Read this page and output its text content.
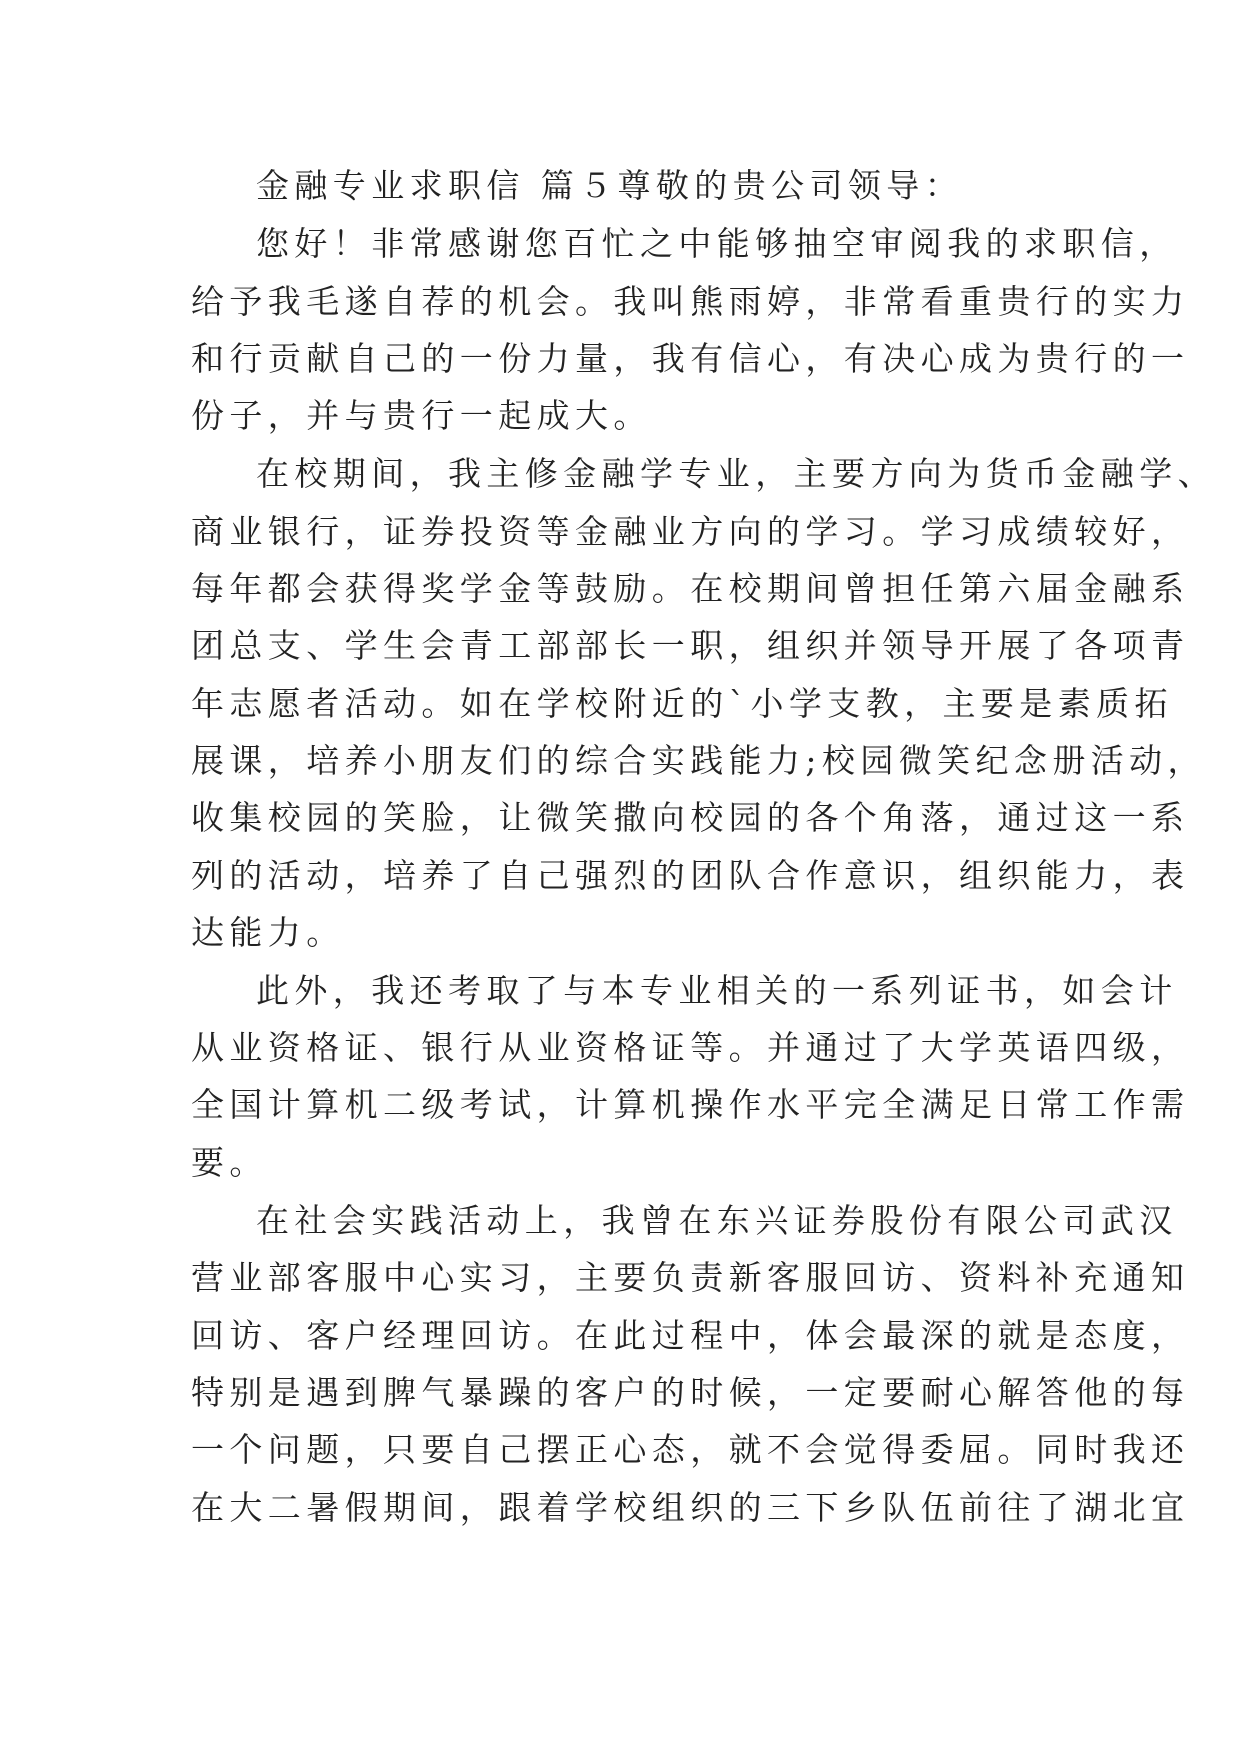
金融专业求职信 篇５尊敬的贵公司领导：

您好！非常感谢您百忙之中能够抽空审阅我的求职信，

给予我毛遂自荐的机会。我叫熊雨婷，非常看重贵行的实力

和行贡献自己的一份力量，我有信心，有决心成为贵行的一

份子，并与贵行一起成大。

在校期间，我主修金融学专业，主要方向为货币金融学、

商业银行，证券投资等金融业方向的学习。学习成绩较好，

每年都会获得奖学金等鼓励。在校期间曾担任第六届金融系

团总支、学生会青工部部长一职，组织并领导开展了各项青

年志愿者活动。如在学校附近的`小学支教，主要是素质拓

展课，培养小朋友们的综合实践能力;校园微笑纪念册活动，

收集校园的笑脸，让微笑撒向校园的各个角落，通过这一系

列的活动，培养了自己强烈的团队合作意识，组织能力，表

达能力。

此外，我还考取了与本专业相关的一系列证书，如会计

从业资格证、银行从业资格证等。并通过了大学英语四级，

全国计算机二级考试，计算机操作水平完全满足日常工作需

要。

在社会实践活动上，我曾在东兴证券股份有限公司武汉

营业部客服中心实习，主要负责新客服回访、资料补充通知

回访、客户经理回访。在此过程中，体会最深的就是态度，

特别是遇到脾气暴躁的客户的时候，一定要耐心解答他的每

一个问题，只要自己摆正心态，就不会觉得委屈。同时我还

在大二暑假期间，跟着学校组织的三下乡队伍前往了湖北宜
